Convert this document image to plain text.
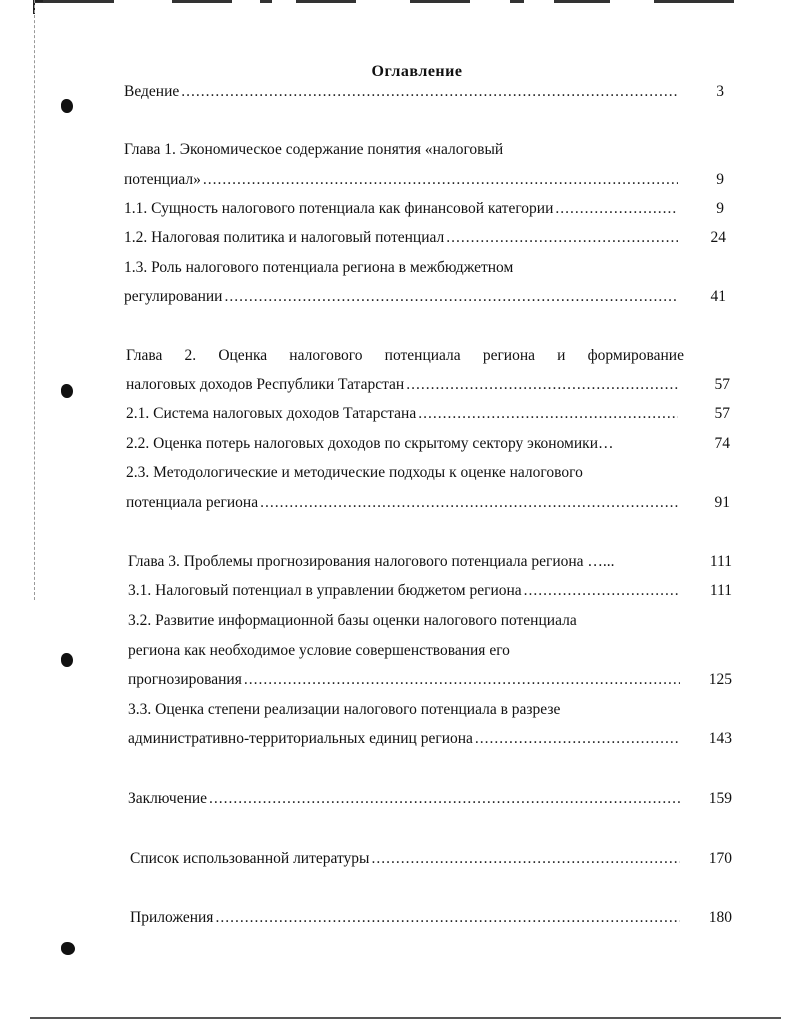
Оглавление
Ведение .....	3
Глава 1. Экономическое содержание понятия «налоговый
потенциал» .....	9
1.1. Сущность налогового потенциала как финансовой категории .....	9
1.2. Налоговая политика и налоговый потенциал .....	24
1.3. Роль налогового потенциала региона в межбюджетном
регулировании .....	41
Глава 2. Оценка налогового потенциала региона и формирование
налоговых доходов Республики Татарстан .....	57
2.1. Система налоговых доходов Татарстана .....	57
2.2. Оценка потерь налоговых доходов по скрытому сектору экономики…	74
2.3. Методологические и методические подходы к оценке налогового
потенциала региона .....	91
Глава 3. Проблемы прогнозирования налогового потенциала региона …...	111
3.1. Налоговый потенциал в управлении бюджетом региона .....	111
3.2. Развитие информационной базы оценки налогового потенциала
региона как необходимое условие совершенствования его
прогнозирования .....	125
3.3. Оценка степени реализации налогового потенциала в разрезе
административно-территориальных единиц региона .....	143
Заключение .....	159
Список использованной литературы .....	170
Приложения .....	180
